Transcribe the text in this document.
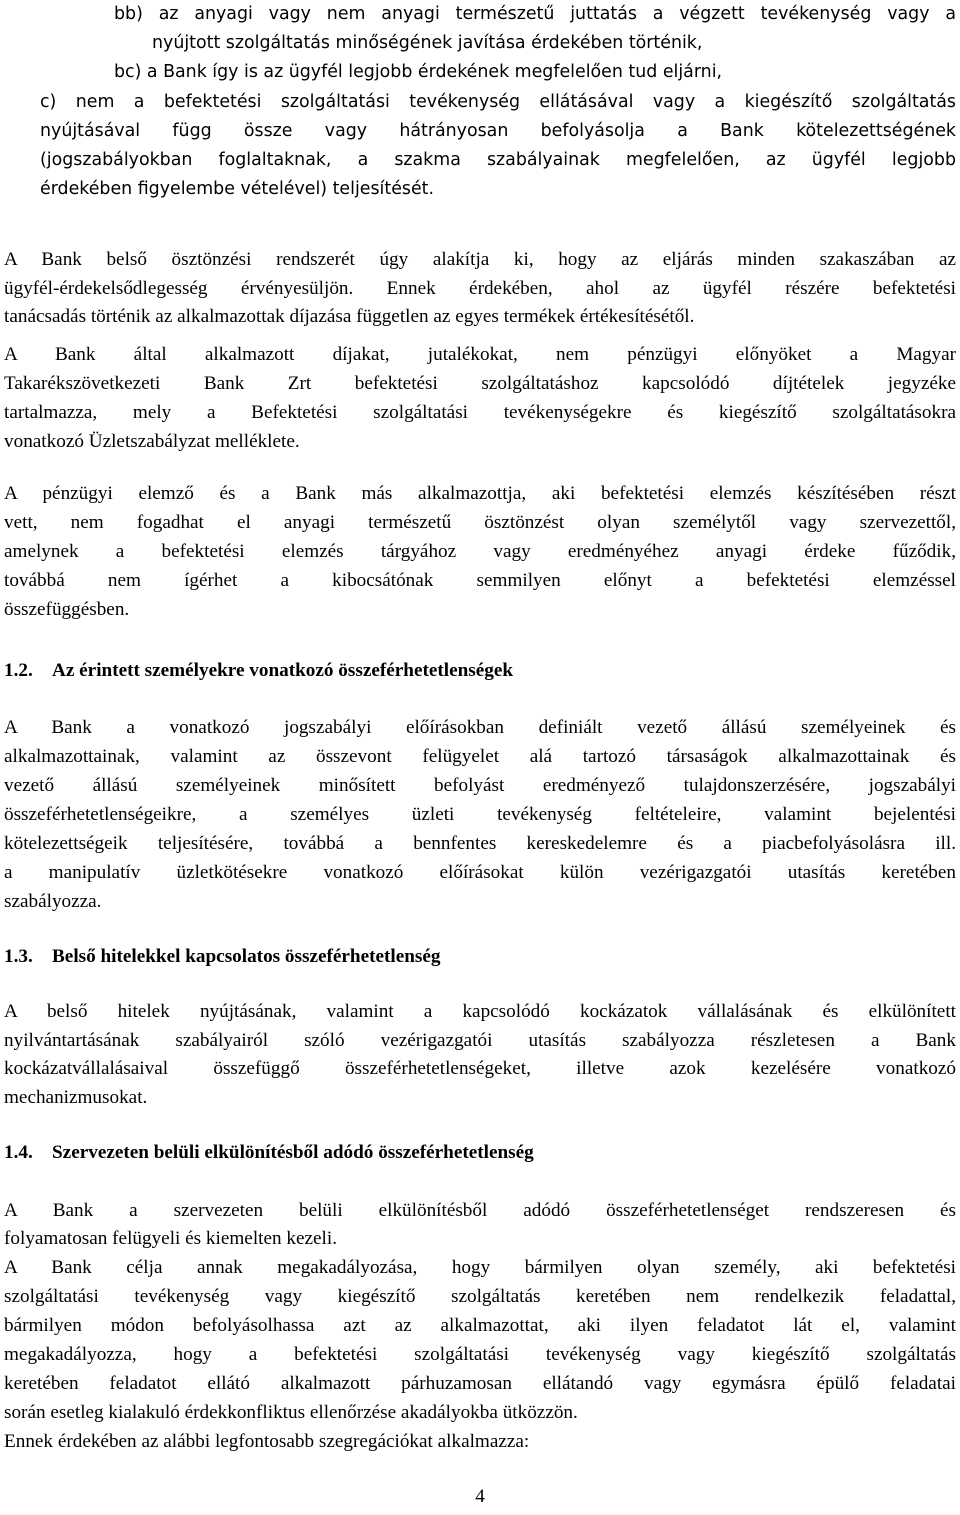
bb) az anyagi vagy nem anyagi természetű juttatás a végzett tevékenység vagy a
nyújtott szolgáltatás minőségének javítása érdekében történik,
bc) a Bank így is az ügyfél legjobb érdekének megfelelően tud eljárni,
c) nem a befektetési szolgáltatási tevékenység ellátásával vagy a kiegészítő szolgáltatás
nyújtásával függ össze vagy hátrányosan befolyásolja a Bank kötelezettségének
(jogszabályokban foglaltaknak, a szakma szabályainak megfelelően, az ügyfél legjobb
érdekében figyelembe vételével) teljesítését.
A Bank belső ösztönzési rendszerét úgy alakítja ki, hogy az eljárás minden szakaszában az
ügyfél-érdekelsődlegesség érvényesüljön. Ennek érdekében, ahol az ügyfél részére befektetési
tanácsadás történik az alkalmazottak díjazása független az egyes termékek értékesítésétől.
A Bank által alkalmazott díjakat, jutalékokat, nem pénzügyi előnyöket a Magyar
Takarékszövetkezeti Bank Zrt befektetési szolgáltatáshoz kapcsolódó díjtételek jegyzéke
tartalmazza, mely a Befektetési szolgáltatási tevékenységekre és kiegészítő szolgáltatásokra
vonatkozó Üzletszabályzat melléklete.
A pénzügyi elemző és a Bank más alkalmazottja, aki befektetési elemzés készítésében részt
vett, nem fogadhat el anyagi természetű ösztönzést olyan személytől vagy szervezettől,
amelynek a befektetési elemzés tárgyához vagy eredményéhez anyagi érdeke fűződik,
továbbá nem ígérhet a kibocsátónak semmilyen előnyt a befektetési elemzéssel
összefüggésben.
1.2. Az érintett személyekre vonatkozó összeférhetetlenségek
A Bank a vonatkozó jogszabályi előírásokban definiált vezető állású személyeinek és
alkalmazottainak, valamint az összevont felügyelet alá tartozó társaságok alkalmazottainak és
vezető állású személyeinek minősített befolyást eredményező tulajdonszerzésére, jogszabályi
összeférhetetlenségeikre, a személyes üzleti tevékenység feltételeire, valamint bejelentési
kötelezettségeik teljesítésére, továbbá a bennfentes kereskedelemre és a piacbefolyásolásra ill.
a manipulatív üzletkötésekre vonatkozó előírásokat külön vezérigazgatói utasítás keretében
szabályozza.
1.3. Belső hitelekkel kapcsolatos összeférhetetlenség
A belső hitelek nyújtásának, valamint a kapcsolódó kockázatok vállalásának és elkülönített
nyilvántartásának szabályairól szóló vezérigazgatói utasítás szabályozza részletesen a Bank
kockázatvállalásaival összefüggő összeférhetetlenségeket, illetve azok kezelésére vonatkozó
mechanizmusokat.
1.4. Szervezeten belüli elkülönítésből adódó összeférhetetlenség
A Bank a szervezeten belüli elkülönítésből adódó összeférhetetlenséget rendszeresen és
folyamatosan felügyeli és kiemelten kezeli.
A Bank célja annak megakadályozása, hogy bármilyen olyan személy, aki befektetési
szolgáltatási tevékenység vagy kiegészítő szolgáltatás keretében nem rendelkezik feladattal,
bármilyen módon befolyásolhassa azt az alkalmazottat, aki ilyen feladatot lát el, valamint
megakadályozza, hogy a befektetési szolgáltatási tevékenység vagy kiegészítő szolgáltatás
keretében feladatot ellátó alkalmazott párhuzamosan ellátandó vagy egymásra épülő feladatai
során esetleg kialakuló érdekkonfliktus ellenőrzése akadályokba ütközzön.
Ennek érdekében az alábbi legfontosabb szegregációkat alkalmazza:
4
